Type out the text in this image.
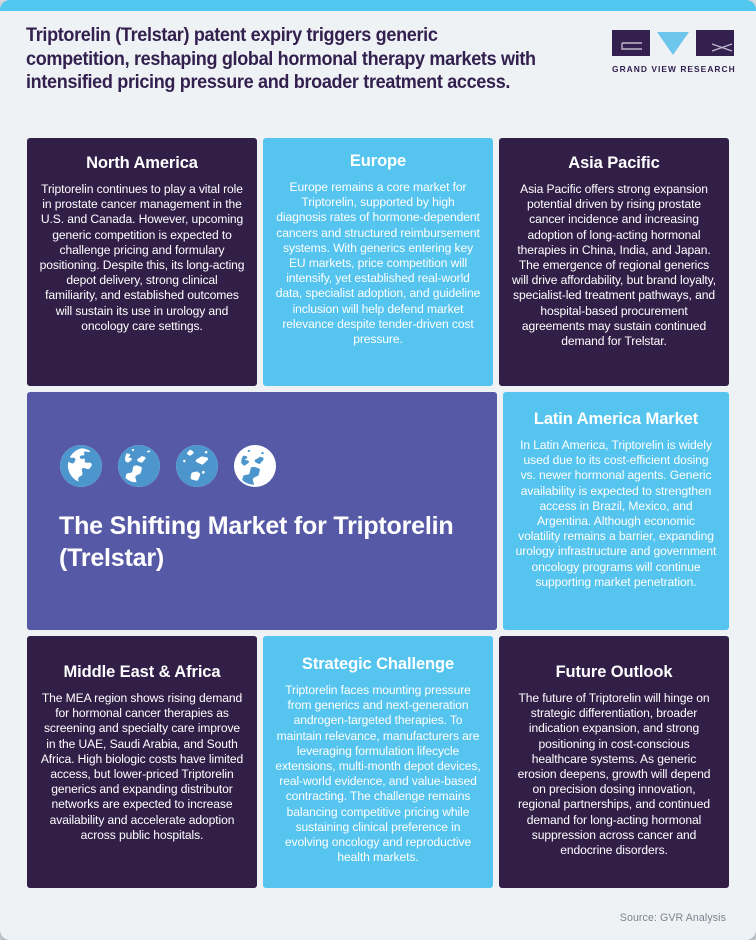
Triptorelin (Trelstar) patent expiry triggers generic competition, reshaping global hormonal therapy markets with intensified pricing pressure and broader treatment access.
GRAND VIEW RESEARCH
North America

Triptorelin continues to play a vital role in prostate cancer management in the U.S. and Canada. However, upcoming generic competition is expected to challenge pricing and formulary positioning. Despite this, its long-acting depot delivery, strong clinical familiarity, and established outcomes will sustain its use in urology and oncology care settings.

Europe

Europe remains a core market for Triptorelin, supported by high diagnosis rates of hormone-dependent cancers and structured reimbursement systems. With generics entering key EU markets, price competition will intensify, yet established real-world data, specialist adoption, and guideline inclusion will help defend market relevance despite tender-driven cost pressure.

Asia Pacific

Asia Pacific offers strong expansion potential driven by rising prostate cancer incidence and increasing adoption of long-acting hormonal therapies in China, India, and Japan. The emergence of regional generics will drive affordability, but brand loyalty, specialist-led treatment pathways, and hospital-based procurement agreements may sustain continued demand for Trelstar.

The Shifting Market for Triptorelin (Trelstar)
Latin America Market

In Latin America, Triptorelin is widely used due to its cost-efficient dosing vs. newer hormonal agents. Generic availability is expected to strengthen access in Brazil, Mexico, and Argentina. Although economic volatility remains a barrier, expanding urology infrastructure and government oncology programs will continue supporting market penetration.

Middle East & Africa

The MEA region shows rising demand for hormonal cancer therapies as screening and specialty care improve in the UAE, Saudi Arabia, and South Africa. High biologic costs have limited access, but lower-priced Triptorelin generics and expanding distributor networks are expected to increase availability and accelerate adoption across public hospitals.

Strategic Challenge

Triptorelin faces mounting pressure from generics and next-generation androgen-targeted therapies. To maintain relevance, manufacturers are leveraging formulation lifecycle extensions, multi-month depot devices, real-world evidence, and value-based contracting. The challenge remains balancing competitive pricing while sustaining clinical preference in evolving oncology and reproductive health markets.

Future Outlook

The future of Triptorelin will hinge on strategic differentiation, broader indication expansion, and strong positioning in cost-conscious healthcare systems. As generic erosion deepens, growth will depend on precision dosing innovation, regional partnerships, and continued demand for long-acting hormonal suppression across cancer and endocrine disorders.

Source: GVR Analysis
